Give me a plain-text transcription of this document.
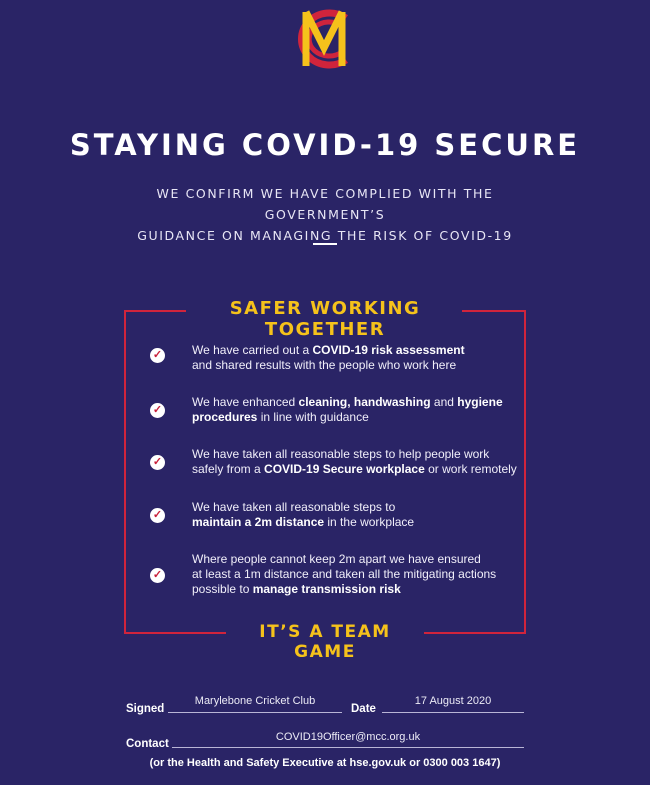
STAYING COVID-19 SECURE
WE CONFIRM WE HAVE COMPLIED WITH THE GOVERNMENT’S
GUIDANCE ON MANAGING THE RISK OF COVID-19
SAFER WORKING TOGETHER
✓ We have carried out a COVID-19 risk assessment
and shared results with the people who work here
✓
We have enhanced cleaning, handwashing and hygiene
procedures in line with guidance
✓
We have taken all reasonable steps to help people work
safely from a COVID-19 Secure workplace or work remotely
✓
We have taken all reasonable steps to
maintain a 2m distance in the workplace
✓
Where people cannot keep 2m apart we have ensured
at least a 1m distance and taken all the mitigating actions
possible to manage transmission risk
IT’S A TEAM GAME
Signed
Marylebone Cricket Club
Date
17 August 2020
Contact
COVID19Officer@mcc.org.uk
(or the Health and Safety Executive at hse.gov.uk or 0300 003 1647)
